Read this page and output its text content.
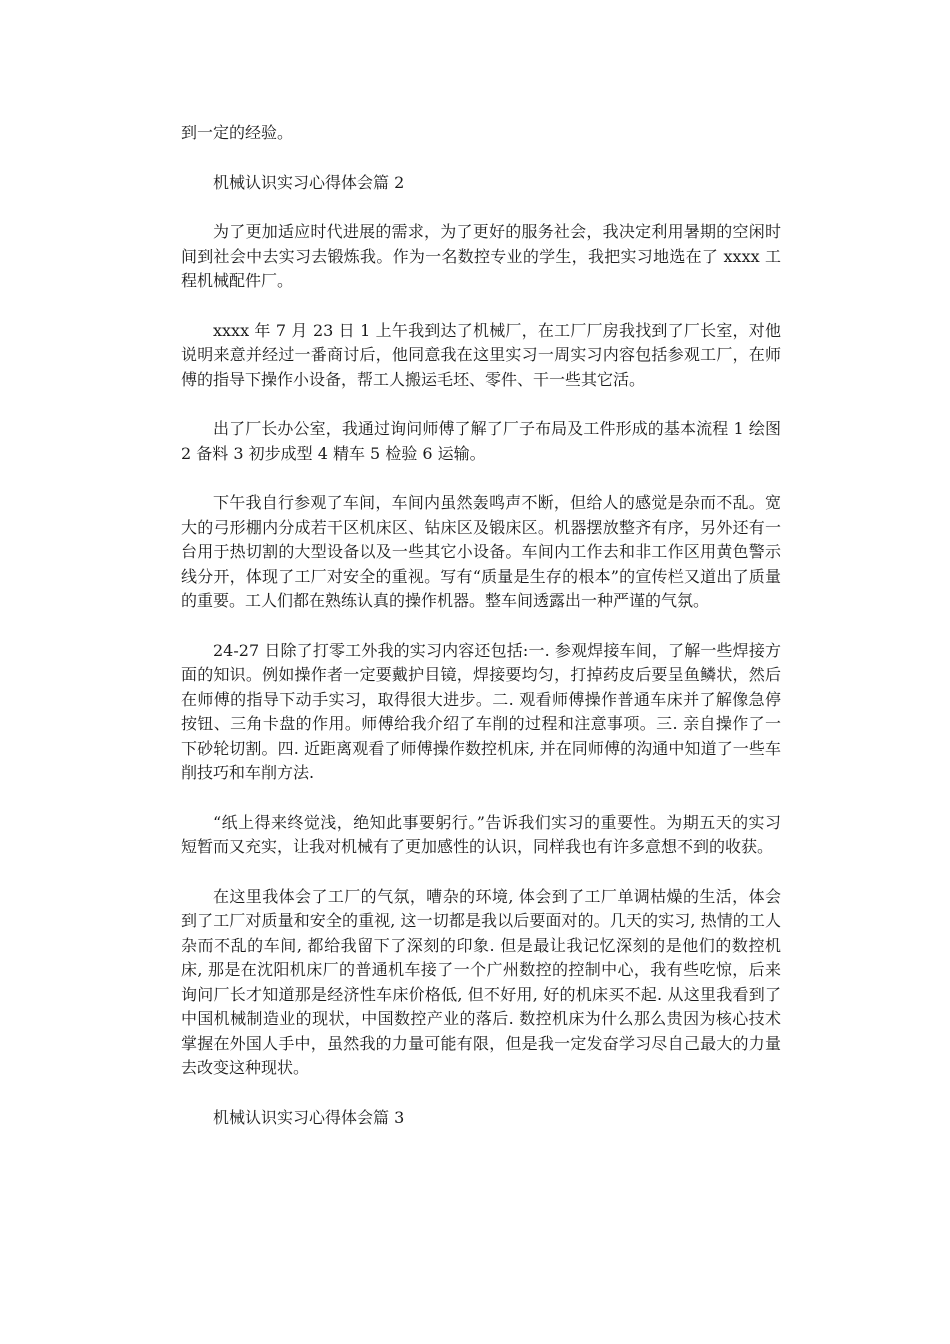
到一定的经验。

机械认识实习心得体会篇 2

为了更加适应时代进展的需求，为了更好的服务社会，我决定利用暑期的空闲时间到社会中去实习去锻炼我。作为一名数控专业的学生，我把实习地选在了 xxxx 工程机械配件厂。

xxxx 年 7 月 23 日 1 上午我到达了机械厂，在工厂厂房我找到了厂长室，对他说明来意并经过一番商讨后，他同意我在这里实习一周实习内容包括参观工厂，在师傅的指导下操作小设备，帮工人搬运毛坯、零件、干一些其它活。

出了厂长办公室，我通过询问师傅了解了厂子布局及工件形成的基本流程 1 绘图 2 备料 3 初步成型 4 精车 5 检验 6 运输。

下午我自行参观了车间，车间内虽然轰鸣声不断，但给人的感觉是杂而不乱。宽大的弓形棚内分成若干区机床区、钻床区及锻床区。机器摆放整齐有序，另外还有一台用于热切割的大型设备以及一些其它小设备。车间内工作去和非工作区用黄色警示线分开，体现了工厂对安全的重视。写有“质量是生存的根本”的宣传栏又道出了质量的重要。工人们都在熟练认真的操作机器。整车间透露出一种严谨的气氛。

24-27 日除了打零工外我的实习内容还包括:一. 参观焊接车间，了解一些焊接方面的知识。例如操作者一定要戴护目镜，焊接要均匀，打掉药皮后要呈鱼鳞状，然后在师傅的指导下动手实习，取得很大进步。二. 观看师傅操作普通车床并了解像急停按钮、三角卡盘的作用。师傅给我介绍了车削的过程和注意事项。三. 亲自操作了一下砂轮切割。四. 近距离观看了师傅操作数控机床, 并在同师傅的沟通中知道了一些车削技巧和车削方法.

“纸上得来终觉浅，绝知此事要躬行。”告诉我们实习的重要性。为期五天的实习短暂而又充实，让我对机械有了更加感性的认识，同样我也有许多意想不到的收获。

在这里我体会了工厂的气氛，嘈杂的环境, 体会到了工厂单调枯燥的生活，体会到了工厂对质量和安全的重视, 这一切都是我以后要面对的。几天的实习, 热情的工人杂而不乱的车间, 都给我留下了深刻的印象. 但是最让我记忆深刻的是他们的数控机床, 那是在沈阳机床厂的普通机车接了一个广州数控的控制中心，我有些吃惊，后来询问厂长才知道那是经济性车床价格低, 但不好用, 好的机床买不起. 从这里我看到了中国机械制造业的现状，中国数控产业的落后. 数控机床为什么那么贵因为核心技术掌握在外国人手中，虽然我的力量可能有限，但是我一定发奋学习尽自己最大的力量去改变这种现状。

机械认识实习心得体会篇 3
